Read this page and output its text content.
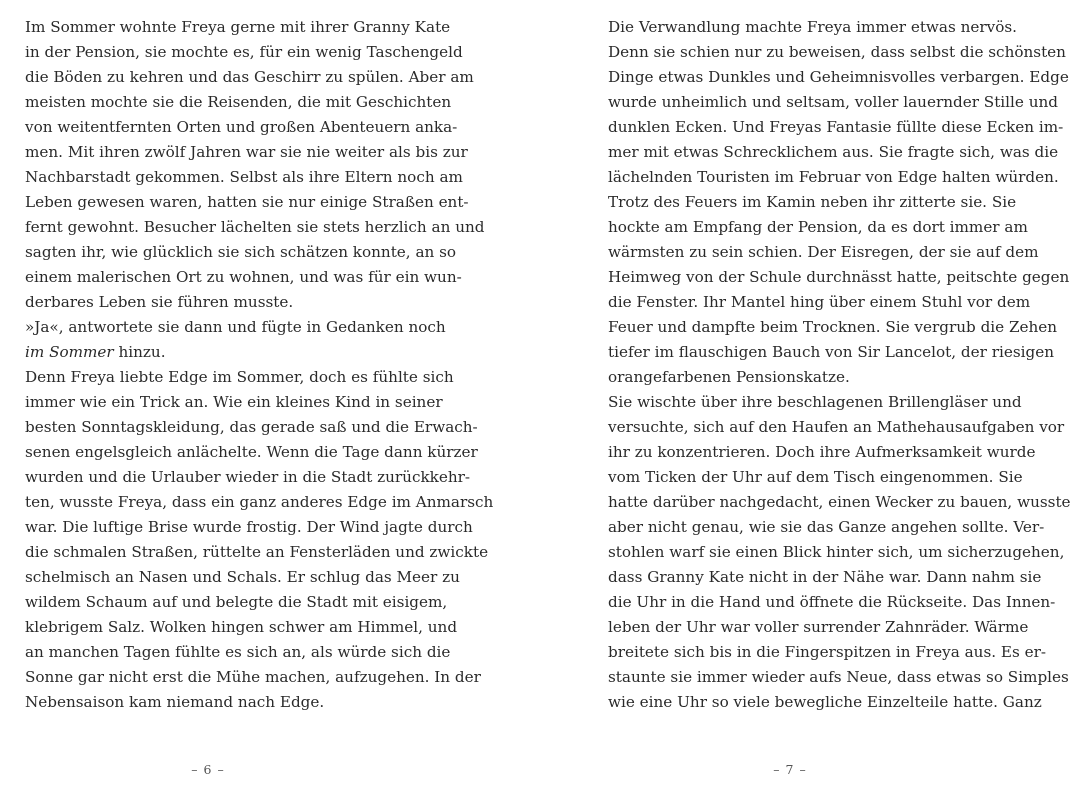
Im Sommer wohnte Freya gerne mit ihrer Granny Kate
in der Pension, sie mochte es, für ein wenig Taschengeld
die Böden zu kehren und das Geschirr zu spülen. Aber am
meisten mochte sie die Reisenden, die mit Geschichten
von weitentfernten Orten und großen Abenteuern anka-
men. Mit ihren zwölf Jahren war sie nie weiter als bis zur
Nachbarstadt gekommen. Selbst als ihre Eltern noch am
Leben gewesen waren, hatten sie nur einige Straßen ent-
fernt gewohnt. Besucher lächelten sie stets herzlich an und
sagten ihr, wie glücklich sie sich schätzen konnte, an so
einem malerischen Ort zu wohnen, und was für ein wun-
derbares Leben sie führen musste.

»Ja«, antwortete sie dann und fügte in Gedanken noch
im Sommer hinzu.

Denn Freya liebte Edge im Sommer, doch es fühlte sich
immer wie ein Trick an. Wie ein kleines Kind in seiner
besten Sonntagskleidung, das gerade saß und die Erwach-
senen engelsgleich anlächelte. Wenn die Tage dann kürzer
wurden und die Urlauber wieder in die Stadt zurückkehr-
ten, wusste Freya, dass ein ganz anderes Edge im Anmarsch
war. Die luftige Brise wurde frostig. Der Wind jagte durch
die schmalen Straßen, rüttelte an Fensterläden und zwickte
schelmisch an Nasen und Schals. Er schlug das Meer zu
wildem Schaum auf und belegte die Stadt mit eisigem,
klebrigem Salz. Wolken hingen schwer am Himmel, und
an manchen Tagen fühlte es sich an, als würde sich die
Sonne gar nicht erst die Mühe machen, aufzugehen. In der
Nebensaison kam niemand nach Edge.

Die Verwandlung machte Freya immer etwas nervös.
Denn sie schien nur zu beweisen, dass selbst die schönsten
Dinge etwas Dunkles und Geheimnisvolles verbargen. Edge
wurde unheimlich und seltsam, voller lauernder Stille und
dunklen Ecken. Und Freyas Fantasie füllte diese Ecken im-
mer mit etwas Schrecklichem aus. Sie fragte sich, was die
lächelnden Touristen im Februar von Edge halten würden.

Trotz des Feuers im Kamin neben ihr zitterte sie. Sie
hockte am Empfang der Pension, da es dort immer am
wärmsten zu sein schien. Der Eisregen, der sie auf dem
Heimweg von der Schule durchnässt hatte, peitschte gegen
die Fenster. Ihr Mantel hing über einem Stuhl vor dem
Feuer und dampfte beim Trocknen. Sie vergrub die Zehen
tiefer im flauschigen Bauch von Sir Lancelot, der riesigen
orangefarbenen Pensionskatze.

Sie wischte über ihre beschlagenen Brillengläser und
versuchte, sich auf den Haufen an Mathehausaufgaben vor
ihr zu konzentrieren. Doch ihre Aufmerksamkeit wurde
vom Ticken der Uhr auf dem Tisch eingenommen. Sie
hatte darüber nachgedacht, einen Wecker zu bauen, wusste
aber nicht genau, wie sie das Ganze angehen sollte. Ver-
stohlen warf sie einen Blick hinter sich, um sicherzugehen,
dass Granny Kate nicht in der Nähe war. Dann nahm sie
die Uhr in die Hand und öffnete die Rückseite. Das Innen-
leben der Uhr war voller surrender Zahnräder. Wärme
breitete sich bis in die Fingerspitzen in Freya aus. Es er-
staunte sie immer wieder aufs Neue, dass etwas so Simples
wie eine Uhr so viele bewegliche Einzelteile hatte. Ganz

– 6 –	– 7 –
